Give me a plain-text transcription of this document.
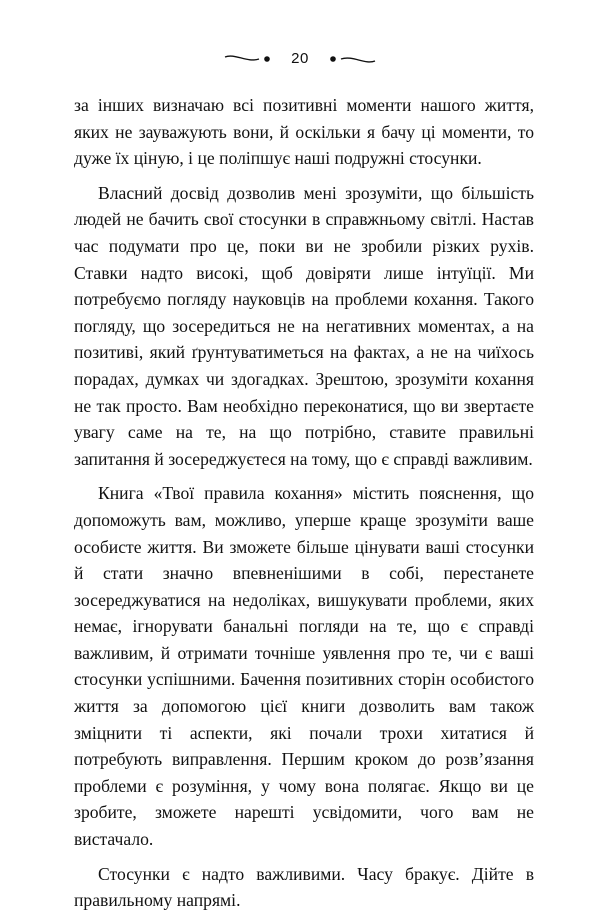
20

за інших визначаю всі позитивні моменти нашого життя, яких не зауважують вони, й оскільки я бачу ці моменти, то дуже їх ціную, і це поліпшує наші подружні стосунки.

Власний досвід дозволив мені зрозуміти, що більшість людей не бачить свої стосунки в справжньому світлі. Настав час подумати про це, поки ви не зробили різких рухів. Ставки надто високі, щоб довіряти лише інтуїції. Ми потребуємо погляду науковців на проблеми кохання. Такого погляду, що зосередиться не на негативних моментах, а на позитиві, який ґрунтуватиметься на фактах, а не на чиїхось порадах, думках чи здогадках. Зрештою, зрозуміти кохання не так просто. Вам необхідно переконатися, що ви звертаєте увагу саме на те, на що потрібно, ставите правильні запитання й зосереджуєтеся на тому, що є справді важливим.

Книга «Твої правила кохання» містить пояснення, що допоможуть вам, можливо, уперше краще зрозуміти ваше особисте життя. Ви зможете більше цінувати ваші стосунки й стати значно впевненішими в собі, перестанете зосереджуватися на недоліках, вишукувати проблеми, яких немає, ігнорувати банальні погляди на те, що є справді важливим, й отримати точніше уявлення про те, чи є ваші стосунки успішними. Бачення позитивних сторін особистого життя за допомогою цієї книги дозволить вам також зміцнити ті аспекти, які почали трохи хитатися й потребують виправлення. Першим кроком до розв’язання проблеми є розуміння, у чому вона полягає. Якщо ви це зробите, зможете нарешті усвідомити, чого вам не вистачало.

Стосунки є надто важливими. Часу бракує. Дійте в правильному напрямі.
